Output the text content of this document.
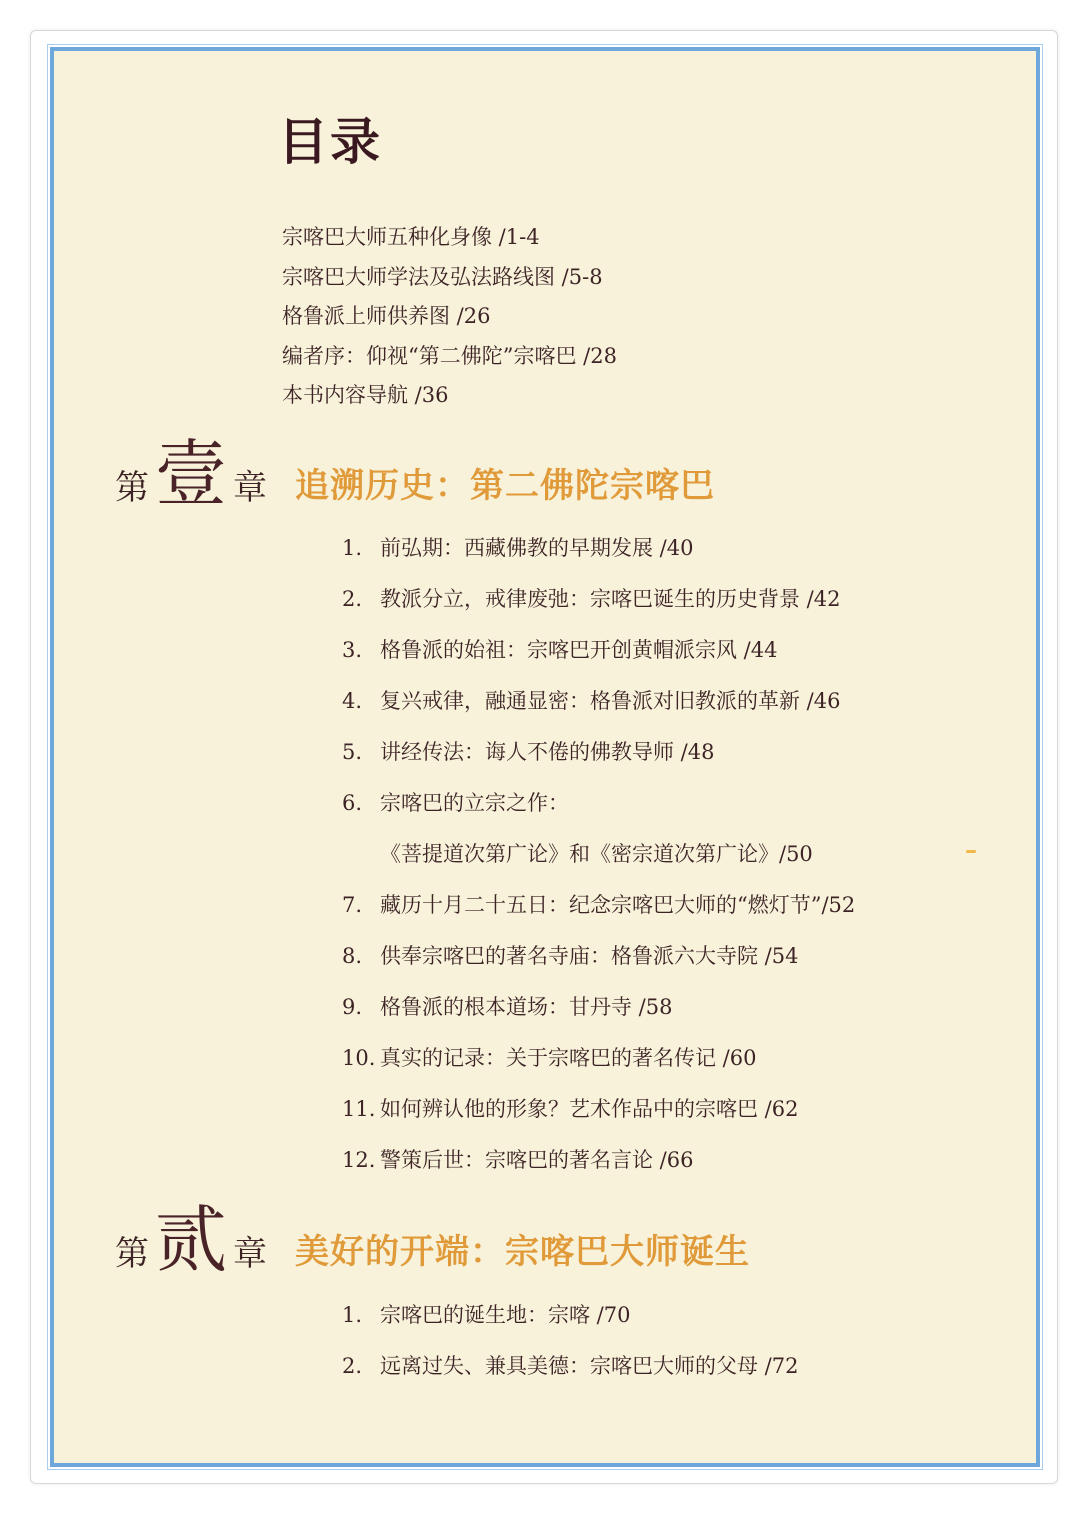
目录
宗喀巴大师五种化身像 /1-4
宗喀巴大师学法及弘法路线图 /5-8
格鲁派上师供养图 /26
编者序：仰视“第二佛陀”宗喀巴 /28
本书内容导航 /36
第 壹 章 追溯历史：第二佛陀宗喀巴
1. 前弘期：西藏佛教的早期发展 /40
2. 教派分立，戒律废弛：宗喀巴诞生的历史背景 /42
3. 格鲁派的始祖：宗喀巴开创黄帽派宗风 /44
4. 复兴戒律，融通显密：格鲁派对旧教派的革新 /46
5. 讲经传法：诲人不倦的佛教导师 /48
6. 宗喀巴的立宗之作：
《菩提道次第广论》和《密宗道次第广论》/50
7. 藏历十月二十五日：纪念宗喀巴大师的“燃灯节”/52
8. 供奉宗喀巴的著名寺庙：格鲁派六大寺院 /54
9. 格鲁派的根本道场：甘丹寺 /58
10. 真实的记录：关于宗喀巴的著名传记 /60
11. 如何辨认他的形象？艺术作品中的宗喀巴 /62
12. 警策后世：宗喀巴的著名言论 /66
第 贰 章 美好的开端：宗喀巴大师诞生
1. 宗喀巴的诞生地：宗喀 /70
2. 远离过失、兼具美德：宗喀巴大师的父母 /72
